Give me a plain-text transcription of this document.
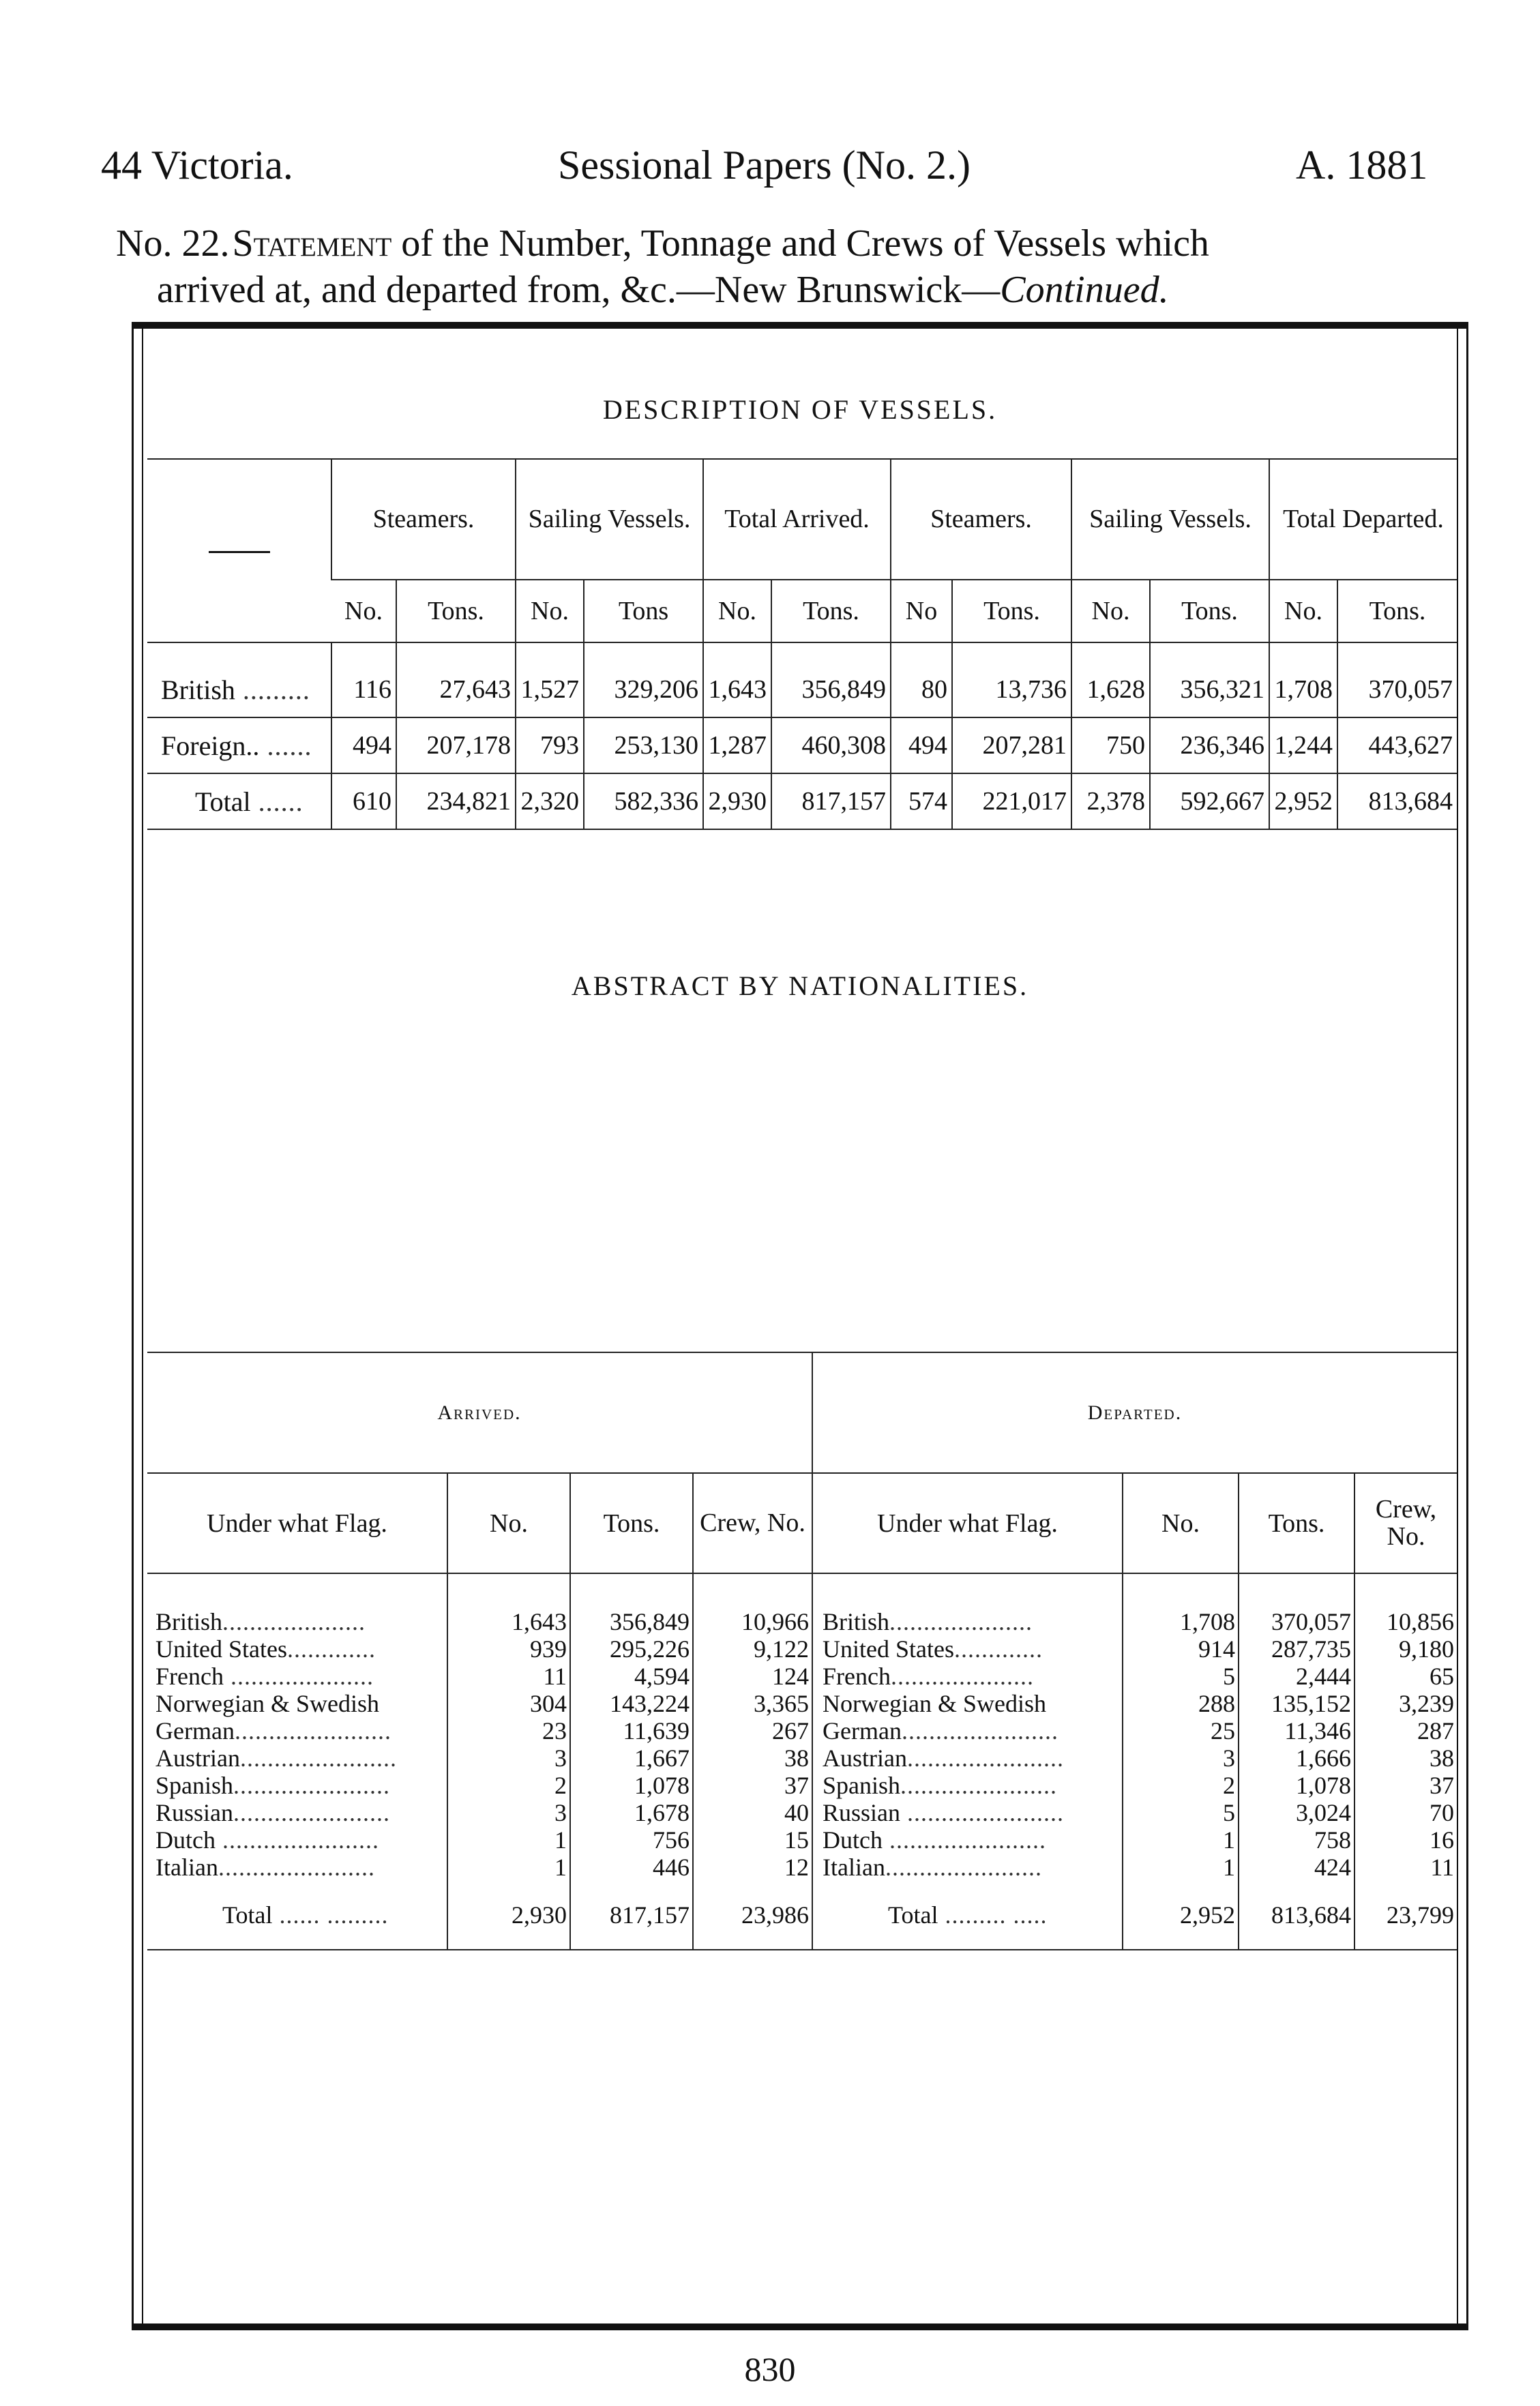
44 Victoria.	Sessional Papers (No. 2.)	A. 1881
No. 22.Statement of the Number, Tonnage and Crews of Vessels which
arrived at, and departed from, &c.—New Brunswick—Continued.
DESCRIPTION OF VESSELS.
	Steamers.		Sailing Vessels.		Total Arrived.		Steamers.		Sailing Vessels.		Total Departed.	
	No.	Tons.	No.	Tons	No.	Tons.	No	Tons.	No.	Tons.	No.	Tons.
British .........	116	27,643	1,527	329,206	1,643	356,849	80	13,736	1,628	356,321	1,708	370,057
Foreign.. ......	494	207,178	793	253,130	1,287	460,308	494	207,281	750	236,346	1,244	443,627
Total ......	610	234,821	2,320	582,336	2,930	817,157	574	221,017	2,378	592,667	2,952	813,684
ABSTRACT BY NATIONALITIES.
Arrived.				Departed.			
Under what Flag.	No.	Tons.	Crew, No.	Under what Flag.	No.	Tons.	Crew, No.
British.....................	1,643	356,849	10,966	British.....................	1,708	370,057	10,856
United States.............	939	295,226	9,122	United States.............	914	287,735	9,180
French .....................	11	4,594	124	French.....................	5	2,444	65
Norwegian & Swedish	304	143,224	3,365	Norwegian & Swedish	288	135,152	3,239
German.......................	23	11,639	267	German.......................	25	11,346	287
Austrian.......................	3	1,667	38	Austrian.......................	3	1,666	38
Spanish.......................	2	1,078	37	Spanish.......................	2	1,078	37
Russian.......................	3	1,678	40	Russian .......................	5	3,024	70
Dutch .......................	1	756	15	Dutch .......................	1	758	16
Italian.......................	1	446	12	Italian.......................	1	424	11
Total ...... .........	2,930	817,157	23,986	Total ......... .....	2,952	813,684	23,799
830
